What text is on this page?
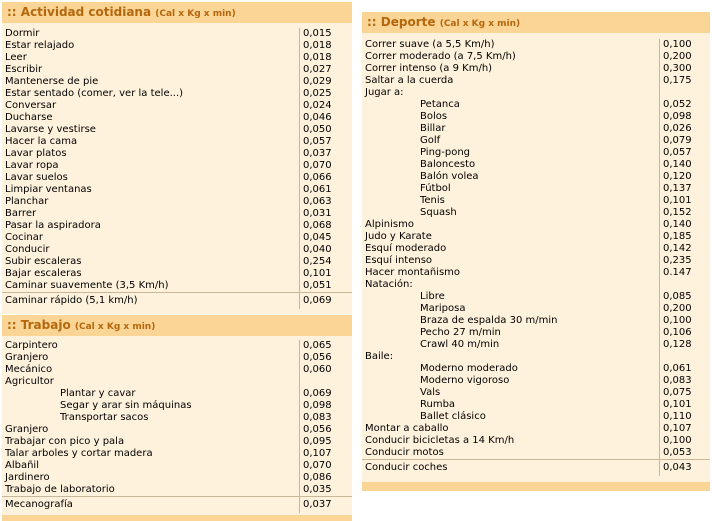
:: Actividad cotidiana (Cal x Kg x min)
Dormir	0,015
Estar relajado	0,018
Leer	0,018
Escribir	0,027
Mantenerse de pie	0,029
Estar sentado (comer, ver la tele...)	0,025
Conversar	0,024
Ducharse	0,046
Lavarse y vestirse	0,050
Hacer la cama	0,057
Lavar platos	0,037
Lavar ropa	0,070
Lavar suelos	0,066
Limpiar ventanas	0,061
Planchar	0,063
Barrer	0,031
Pasar la aspiradora	0,068
Cocinar	0,045
Conducir	0,040
Subir escaleras	0,254
Bajar escaleras	0,101
Caminar suavemente (3,5 Km/h)	0,051
Caminar rápido (5,1 km/h)	0,069
:: Trabajo (Cal x Kg x min)
Carpintero	0,065
Granjero	0,056
Mecánico	0,060
Agricultor
Plantar y cavar	0,069
Segar y arar sin máquinas	0,098
Transportar sacos	0,083
Granjero	0,056
Trabajar con pico y pala	0,095
Talar arboles y cortar madera	0,107
Albañil	0,070
Jardinero	0,086
Trabajo de laboratorio	0,035
Mecanografía	0,037
:: Deporte (Cal x Kg x min)
Correr suave (a 5,5 Km/h)	0,100
Correr moderado (a 7,5 Km/h)	0,200
Correr intenso (a 9 Km/h)	0,300
Saltar a la cuerda	0,175
Jugar a:
Petanca	0,052
Bolos	0,098
Billar	0,026
Golf	0,079
Ping-pong	0,057
Baloncesto	0,140
Balón volea	0,120
Fútbol	0,137
Tenis	0,101
Squash	0,152
Alpinismo	0,140
Judo y Karate	0,185
Esquí moderado	0,142
Esquí intenso	0,235
Hacer montañismo	0.147
Natación:
Libre	0,085
Mariposa	0,200
Braza de espalda 30 m/min	0,100
Pecho 27 m/min	0,106
Crawl 40 m/min	0,128
Baile:
Moderno moderado	0,061
Moderno vigoroso	0,083
Vals	0,075
Rumba	0,101
Ballet clásico	0,110
Montar a caballo	0,107
Conducir bicicletas a 14 Km/h	0,100
Conducir motos	0,053
Conducir coches	0,043
